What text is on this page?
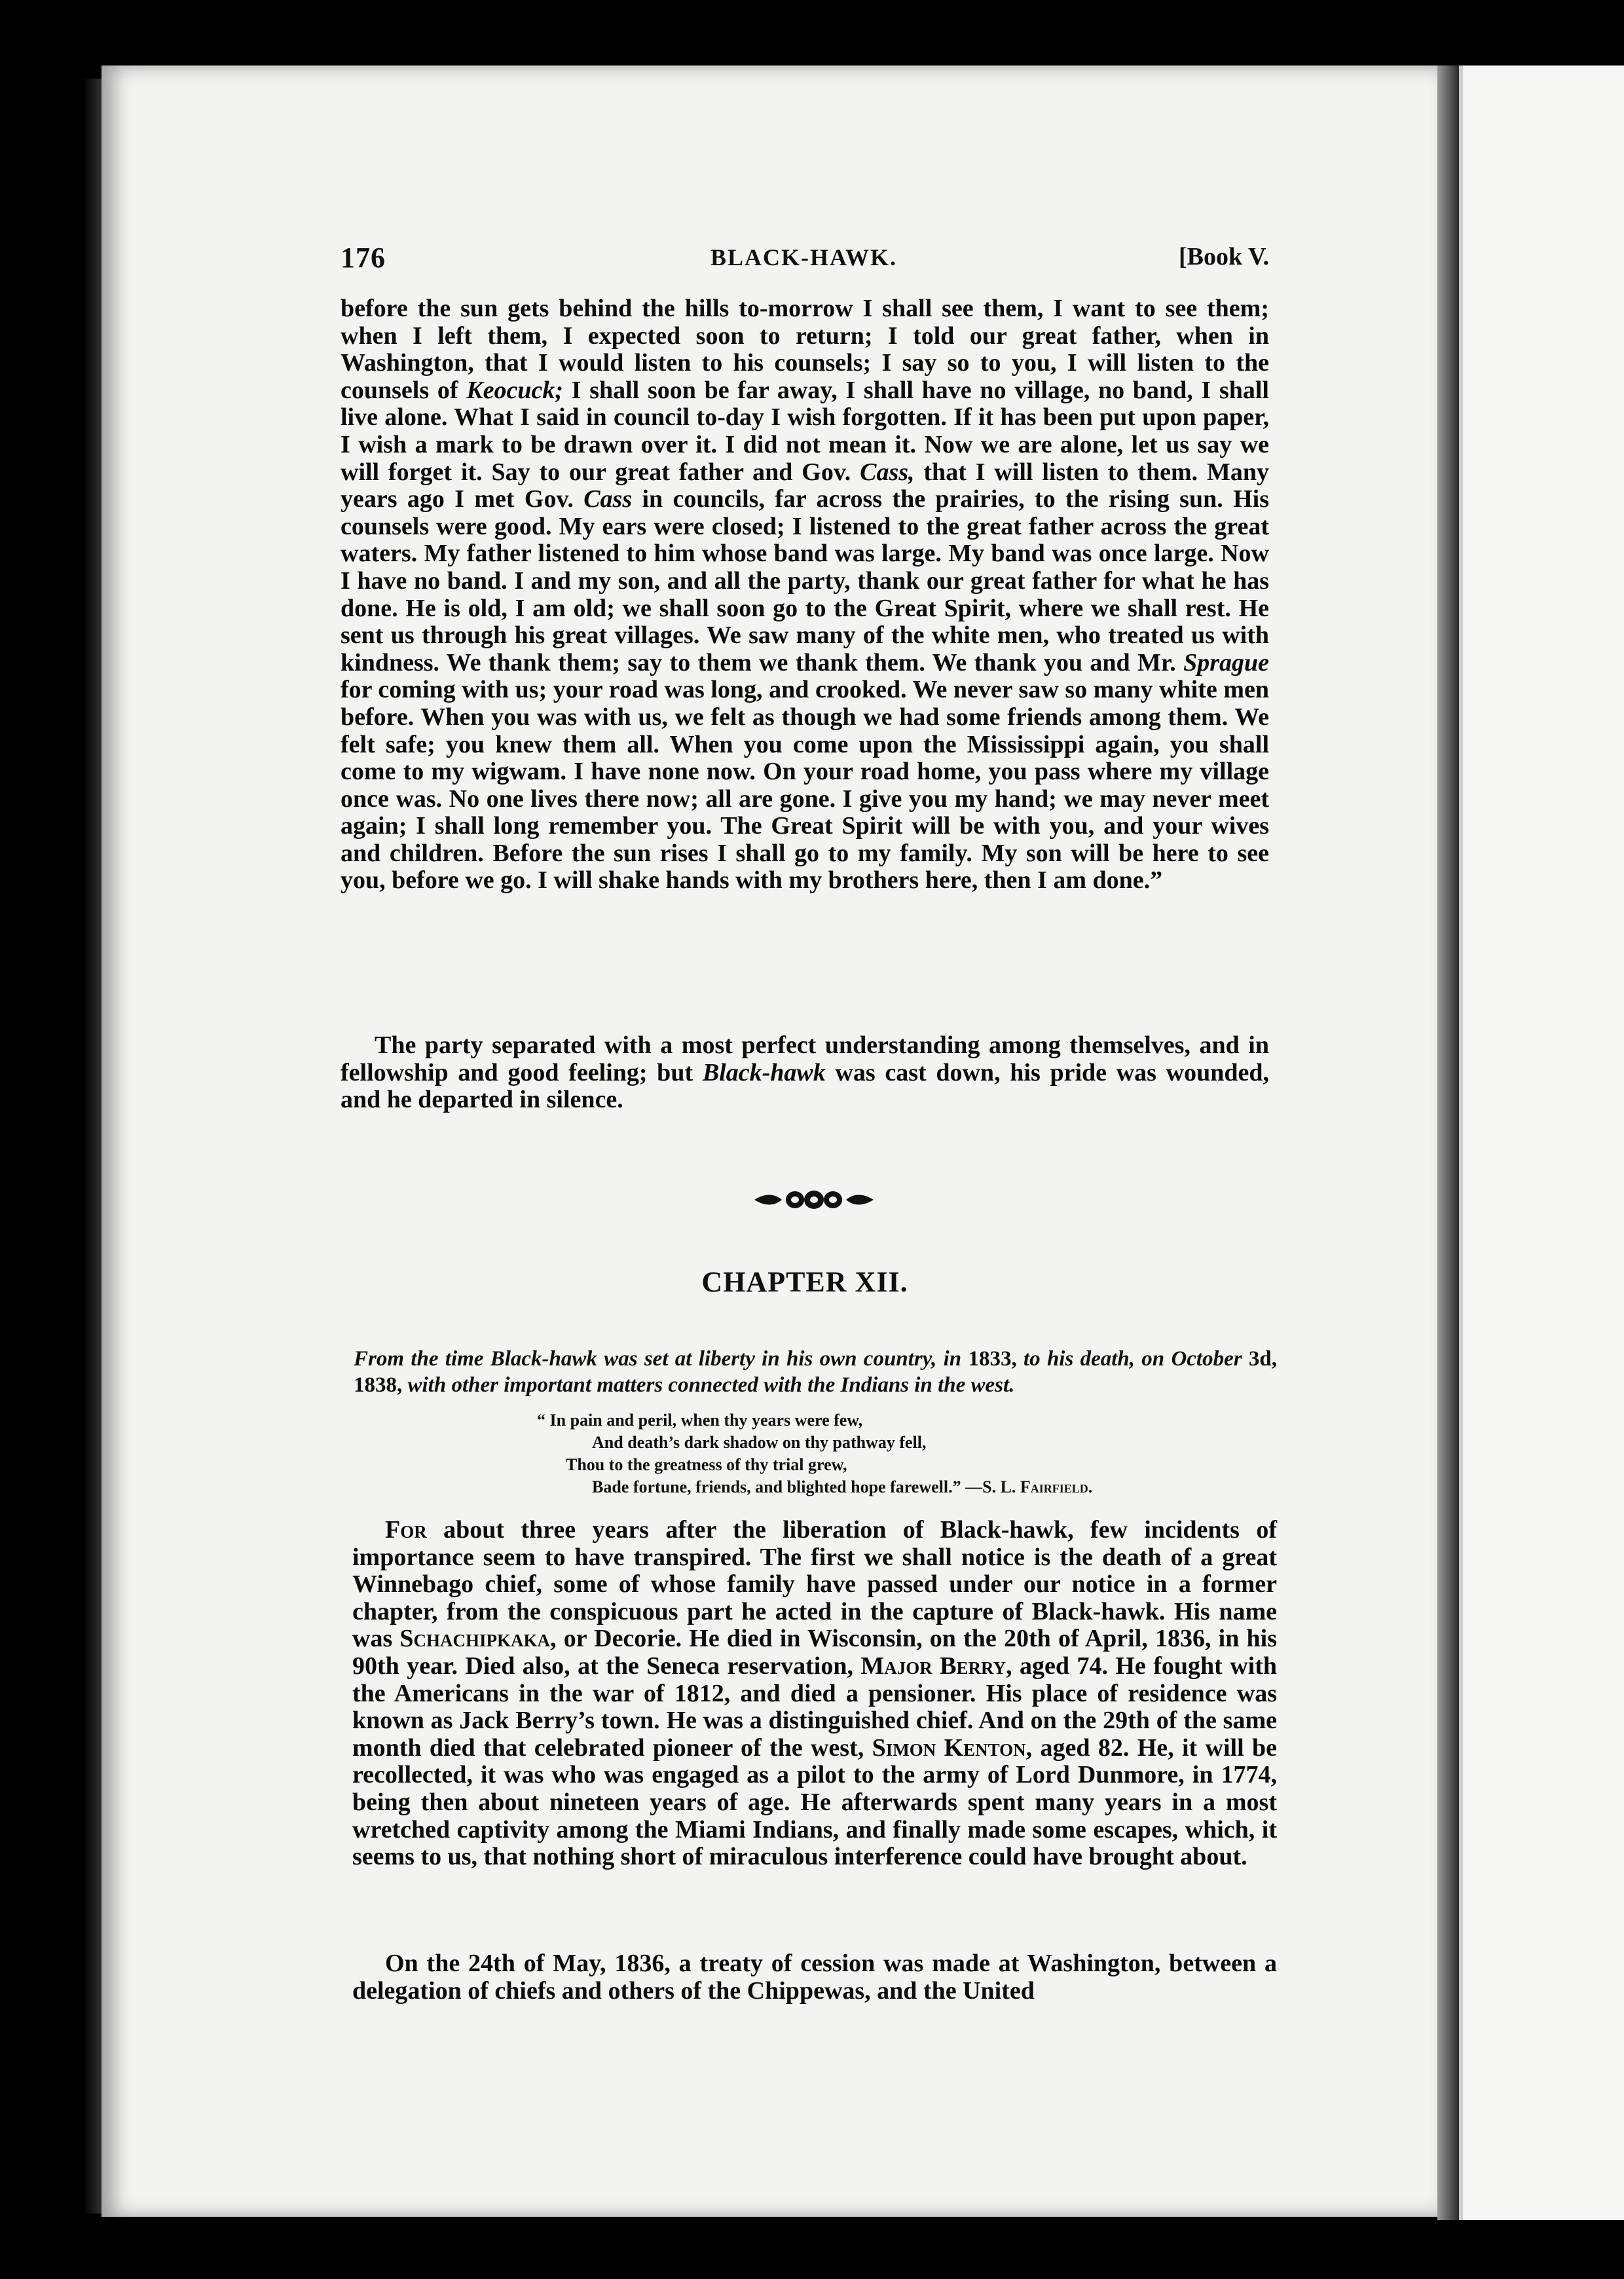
176	BLACK-HAWK.	[Book V.

before the sun gets behind the hills to-morrow I shall see them, I want to see them; when I left them, I expected soon to return; I told our great father, when in Washington, that I would listen to his counsels; I say so to you, I will listen to the counsels of Keocuck; I shall soon be far away, I shall have no village, no band, I shall live alone. What I said in council to-day I wish forgotten. If it has been put upon paper, I wish a mark to be drawn over it. I did not mean it. Now we are alone, let us say we will forget it. Say to our great father and Gov. Cass, that I will listen to them. Many years ago I met Gov. Cass in councils, far across the prairies, to the rising sun. His counsels were good. My ears were closed; I listened to the great father across the great waters. My father listened to him whose band was large. My band was once large. Now I have no band. I and my son, and all the party, thank our great father for what he has done. He is old, I am old; we shall soon go to the Great Spirit, where we shall rest. He sent us through his great villages. We saw many of the white men, who treated us with kindness. We thank them; say to them we thank them. We thank you and Mr. Sprague for coming with us; your road was long, and crooked. We never saw so many white men before. When you was with us, we felt as though we had some friends among them. We felt safe; you knew them all. When you come upon the Mississippi again, you shall come to my wigwam. I have none now. On your road home, you pass where my village once was. No one lives there now; all are gone. I give you my hand; we may never meet again; I shall long remember you. The Great Spirit will be with you, and your wives and children. Before the sun rises I shall go to my family. My son will be here to see you, before we go. I will shake hands with my brothers here, then I am done.”

The party separated with a most perfect understanding among themselves, and in fellowship and good feeling; but Black-hawk was cast down, his pride was wounded, and he departed in silence.

CHAPTER XII.

From the time Black-hawk was set at liberty in his own country, in 1833, to his death, on October 3d, 1838, with other important matters connected with the Indians in the west.

“ In pain and peril, when thy years were few,
And death’s dark shadow on thy pathway fell,
Thou to the greatness of thy trial grew,
Bade fortune, friends, and blighted hope farewell.” —S. L. Fairfield.

For about three years after the liberation of Black-hawk, few incidents of importance seem to have transpired. The first we shall notice is the death of a great Winnebago chief, some of whose family have passed under our notice in a former chapter, from the conspicuous part he acted in the capture of Black-hawk. His name was Schachipkaka, or Decorie. He died in Wisconsin, on the 20th of April, 1836, in his 90th year. Died also, at the Seneca reservation, Major Berry, aged 74. He fought with the Americans in the war of 1812, and died a pensioner. His place of residence was known as Jack Berry’s town. He was a distinguished chief. And on the 29th of the same month died that celebrated pioneer of the west, Simon Kenton, aged 82. He, it will be recollected, it was who was engaged as a pilot to the army of Lord Dunmore, in 1774, being then about nineteen years of age. He afterwards spent many years in a most wretched captivity among the Miami Indians, and finally made some escapes, which, it seems to us, that nothing short of miraculous interference could have brought about.

On the 24th of May, 1836, a treaty of cession was made at Washington, between a delegation of chiefs and others of the Chippewas, and the United
